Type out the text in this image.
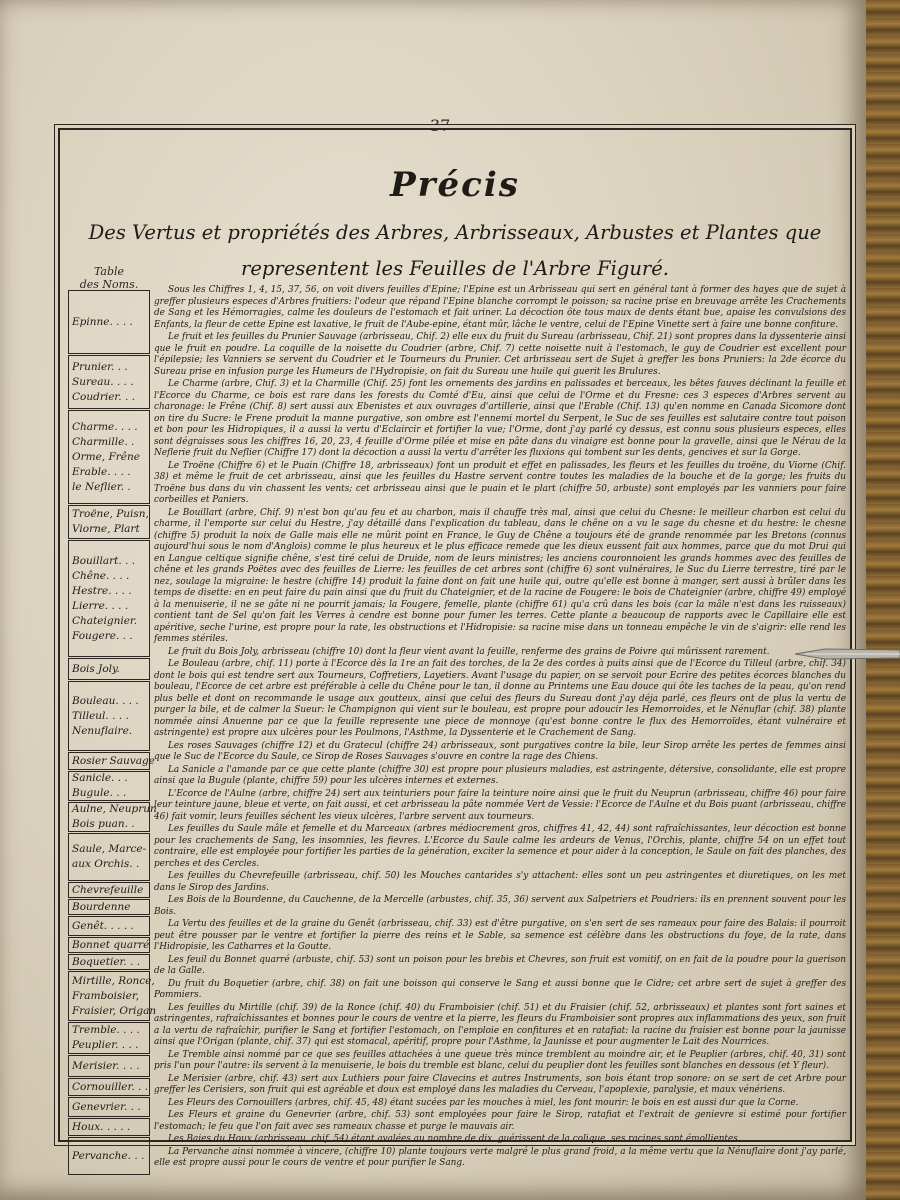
37
Précis
Des Vertus et propriétés des Arbres, Arbrisseaux, Arbustes et Plantes que
representent les Feuilles de l'Arbre Figuré.
Table
des Noms.
Epinne. . . .
Prunier. . .
Sureau. . . .
Coudrier. . .
Charme. . . .
Charmille. .
Orme, Frêne
Erable. . . .
le Neflier. .
Troëne, Puisn,
Viorne, Plart
Bouillart. . .
Chêne. . . .
Hestre. . . .
Lierre. . . .
Chateignier.
Fougere. . .
Bois Joly.
Bouleau. . . .
Tilleul. . . .
Nenuflaire.
Rosier Sauvage
Sanicle. . .
Bugule. . .
Aulne, Neuprun
Bois puan. .
Saule, Marce-
aux Orchis. .
Chevrefeuille
Bourdenne
Genêt. . . . .
Bonnet quarré
Boquetier. . .
Mirtille, Ronce,
Framboisier,
Fraisier, Origan
Tremble. . . .
Peuplier. . . .
Merisier. . . .
Cornouiller. . .
Genevrier. . .
Houx. . . . .
Pervanche. . .

Sous les Chiffres 1, 4, 15, 37, 56, on voit divers feuilles d'Epine; l'Epine est un Arbrisseau qui sert en général tant à former des hayes que de sujet à greffer plusieurs especes d'Arbres fruitiers: l'odeur que répand l'Epine blanche corrompt le poisson; sa racine prise en breuvage arrête les Crachements de Sang et les Hémorragies, calme les douleurs de l'estomach et fait uriner. La décoction ôte tous maux de dents étant bue, apaise les convulsions des Enfants, la fleur de cette Epine est laxative, le fruit de l'Aube-epine, étant mûr, lâche le ventre, celui de l'Epine Vinette sert à faire une bonne confiture.

Le fruit et les feuilles du Prunier Sauvage (arbrisseau, Chif. 2) elle eux du fruit du Sureau (arbrisseau, Chif. 21) sont propres dans la dyssenterie ainsi que le fruit en poudre. La coquille de la noisette du Coudrier (arbre, Chif. 7) cette noisette nuit à l'estomach, le guy de Coudrier est excellent pour l'épilepsie; les Vanniers se servent du Coudrier et le Tourneurs du Prunier. Cet arbrisseau sert de Sujet à greffer les bons Pruniers: la 2de écorce du Sureau prise en infusion purge les Humeurs de l'Hydropisie, on fait du Sureau une huile qui guerit les Brulures.

Le Charme (arbre, Chif. 3) et la Charmille (Chif. 25) font les ornements des jardins en palissades et berceaux, les bêtes fauves déclinant la feuille et l'Ecorce du Charme, ce bois est rare dans les forests du Comté d'Eu, ainsi que celui de l'Orme et du Fresne: ces 3 especes d'Arbres servent au charonage: le Frêne (Chif. 8) sert aussi aux Ebenistes et aux ouvrages d'artillerie, ainsi que l'Erable (Chif. 13) qu'en nomme en Canada Sicomore dont on tire du Sucre: le Frene produit la manne purgative, son ombre est l'ennemi mortel du Serpent, le Suc de ses feuilles est salutaire contre tout poison et bon pour les Hidropiques, il a aussi la vertu d'Eclaircir et fortifier la vue; l'Orme, dont j'ay parlé cy dessus, est connu sous plusieurs especes, elles sont dégraisses sous les chiffres 16, 20, 23, 4 feuille d'Orme pilée et mise en pâte dans du vinaigre est bonne pour la gravelle, ainsi que le Nérau de la Neflerie fruit du Neflier (Chiffre 17) dont la décoction a aussi la vertu d'arrêter les fluxions qui tombent sur les dents, gencives et sur la Gorge.

Le Troëne (Chiffre 6) et le Puain (Chiffre 18, arbrisseaux) font un produit et effet en palissades, les fleurs et les feuilles du troëne, du Viorne (Chif. 38) et même le fruit de cet arbrisseau, ainsi que les feuilles du Hastre servent contre toutes les maladies de la bouche et de la gorge; les fruits du Troëne bus dans du vin chassent les vents; cet arbrisseau ainsi que le puain et le plart (chiffre 50, arbuste) sont employés par les vanniers pour faire corbeilles et Paniers.

Le Bouillart (arbre, Chif. 9) n'est bon qu'au feu et au charbon, mais il chauffe très mal, ainsi que celui du Chesne: le meilleur charbon est celui du charme, il l'emporte sur celui du Hestre, j'ay détaillé dans l'explication du tableau, dans le chêne on a vu le sage du chesne et du hestre: le chesne (chiffre 5) produit la noix de Galle mais elle ne mûrit point en France, le Guy de Chêne a toujours été de grande renommée par les Bretons (connus aujourd'hui sous le nom d'Anglois) comme le plus heureux et le plus efficace remede que les dieux eussent fait aux hommes, parce que du mot Drui qui en Langue celtique signifie chêne, s'est tiré celui de Druide, nom de leurs ministres; les anciens couronnoient les grands hommes avec des feuilles de chêne et les grands Poëtes avec des feuilles de Lierre: les feuilles de cet arbres sont (chiffre 6) sont vulnéraires, le Suc du Lierre terrestre, tiré par le nez, soulage la migraine: le hestre (chiffre 14) produit la faine dont on fait une huile qui, outre qu'elle est bonne à manger, sert aussi à brûler dans les temps de disette: en en peut faire du pain ainsi que du fruit du Chateignier, et de la racine de Fougere: le bois de Chateignier (arbre, chiffre 49) employé à la menuiserie, il ne se gâte ni ne pourrit jamais; la Fougere, femelle, plante (chiffre 61) qu'a crû dans les bois (car la mâle n'est dans les ruisseaux) contient tant de Sel qu'on fait les Verres à cendre est bonne pour fumer les terres. Cette plante a beaucoup de rapports avec le Capillaire elle est apéritive, seche l'urine, est propre pour la rate, les obstructions et l'Hidropisie: sa racine mise dans un tonneau empêche le vin de s'aigrir: elle rend les femmes stériles.

Le fruit du Bois Joly, arbrisseau (chiffre 10) dont la fleur vient avant la feuille, renferme des grains de Poivre qui mûrissent rarement.

Le Bouleau (arbre, chif. 11) porte à l'Ecorce dès la 1re an fait des torches, de la 2e des cordes à puits ainsi que de l'Ecorce du Tilleul (arbre, chif. 34) dont le bois qui est tendre sert aux Tourneurs, Coffretiers, Layetiers. Avant l'usage du papier, on se servoit pour Ecrire des petites écorces blanches du bouleau, l'Ecorce de cet arbre est préférable à celle du Chêne pour le tan, il donne au Printems une Eau douce qui ôte les taches de la peau, qu'on rend plus belle et dont on recommande le usage aux goutteux, ainsi que celui des fleurs du Sureau dont j'ay déja parlé, ces fleurs ont de plus la vertu de purger la bile, et de calmer la Sueur: le Champignon qui vient sur le bouleau, est propre pour adoucir les Hemorroides, et le Nénuflar (chif. 38) plante nommée ainsi Anuenne par ce que la feuille represente une piece de monnoye (qu'est bonne contre le flux des Hemorroïdes, étant vulnéraire et astringente) est propre aux ulcères pour les Poulmons, l'Asthme, la Dyssenterie et le Crachement de Sang.

Les roses Sauvages (chiffre 12) et du Gratecul (chiffre 24) arbrisseaux, sont purgatives contre la bile, leur Sirop arrête les pertes de femmes ainsi que le Suc de l'Ecorce du Saule, ce Sirop de Roses Sauvages s'ouvre en contre la rage des Chiens.

La Sanicle a l'amande par ce que cette plante (chiffre 30) est propre pour plusieurs maladies, est astringente, détersive, consolidante, elle est propre ainsi que la Bugule (plante, chiffre 59) pour les ulcères internes et externes.

L'Ecorce de l'Aulne (arbre, chiffre 24) sert aux teinturiers pour faire la teinture noire ainsi que le fruit du Neuprun (arbrisseau, chiffre 46) pour faire leur teinture jaune, bleue et verte, on fait aussi, et cet arbrisseau la pâte nommée Vert de Vessie: l'Ecorce de l'Aulne et du Bois puant (arbrisseau, chiffre 46) fait vomir, leurs feuilles séchent les vieux ulcères, l'arbre servent aux tourneurs.

Les feuilles du Saule mâle et femelle et du Marceaux (arbres médiocrement gros, chiffres 41, 42, 44) sont rafraîchissantes, leur décoction est bonne pour les crachements de Sang, les insomnies, les fievres. L'Ecorce du Saule calme les ardeurs de Venus, l'Orchis, plante, chiffre 54 on un effet tout contraire, elle est employée pour fortifier les parties de la génération, exciter la semence et pour aider à la conception, le Saule on fait des planches, des perches et des Cercles.

Les feuilles du Chevrefeuille (arbrisseau, chif. 50) les Mouches cantarides s'y attachent: elles sont un peu astringentes et diuretiques, on les met dans le Sirop des Jardins.

Les Bois de la Bourdenne, du Cauchenne, de la Mercelle (arbustes, chif. 35, 36) servent aux Salpetriers et Poudriers: ils en prennent souvent pour les Bois.

La Vertu des feuilles et de la graine du Genêt (arbrisseau, chif. 33) est d'être purgative, on s'en sert de ses rameaux pour faire des Balais: il pourroit peut être pousser par le ventre et fortifier la pierre des reins et le Sable, sa semence est célèbre dans les obstructions du foye, de la rate, dans l'Hidropisie, les Catharres et la Goutte.

Les feuil du Bonnet quarré (arbuste, chif. 53) sont un poison pour les brebis et Chevres, son fruit est vomitif, on en fait de la poudre pour la guerison de la Galle.

Du fruit du Boquetier (arbre, chif. 38) on fait une boisson qui conserve le Sang et aussi bonne que le Cidre; cet arbre sert de sujet à greffer des Pommiers.

Les feuilles du Mirtille (chif. 39) de la Ronce (chif. 40) du Framboisier (chif. 51) et du Fraisier (chif. 52, arbrisseaux) et plantes sont fort saines et astringentes, rafraîchissantes et bonnes pour le cours de ventre et la pierre, les fleurs du Framboisier sont propres aux inflammations des yeux, son fruit a la vertu de rafraîchir, purifier le Sang et fortifier l'estomach, on l'emploie en confitures et en ratafiat: la racine du fraisier est bonne pour la jaunisse ainsi que l'Origan (plante, chif. 37) qui est stomacal, apéritif, propre pour l'Asthme, la Jaunisse et pour augmenter le Lait des Nourrices.

Le Tremble ainsi nommé par ce que ses feuilles attachées à une queue très mince tremblent au moindre air, et le Peuplier (arbres, chif. 40, 31) sont pris l'un pour l'autre: ils servent à la menuiserie, le bois du tremble est blanc, celui du peuplier dont les feuilles sont blanches en dessous (et Y fleur).

Le Merisier (arbre, chif. 43) sert aux Luthiers pour faire Clavecins et autres Instruments, son bois étant trop sonore: on se sert de cet Arbre pour greffer les Cerisiers, son fruit qui est agréable et doux est employé dans les maladies du Cerveau, l'apoplexie, paralysie, et maux vénériens.

Les Fleurs des Cornouillers (arbres, chif. 45, 48) étant sucées par les mouches à miel, les font mourir: le bois en est aussi dur que la Corne.

Les Fleurs et graine du Genevrier (arbre, chif. 53) sont employées pour faire le Sirop, ratafiat et l'extrait de genievre si estimé pour fortifier l'estomach; le feu que l'on fait avec ses rameaux chasse et purge le mauvais air.

Les Baies du Houx (arbrisseau, chif. 54) étant avalées au nombre de dix, guérissent de la colique, ses racines sont émollientes.

La Pervanche ainsi nommée à vincere, (chiffre 10) plante toujours verte malgré le plus grand froid, a la même vertu que la Nénuflaire dont j'ay parlé, elle est propre aussi pour le cours de ventre et pour purifier le Sang.
